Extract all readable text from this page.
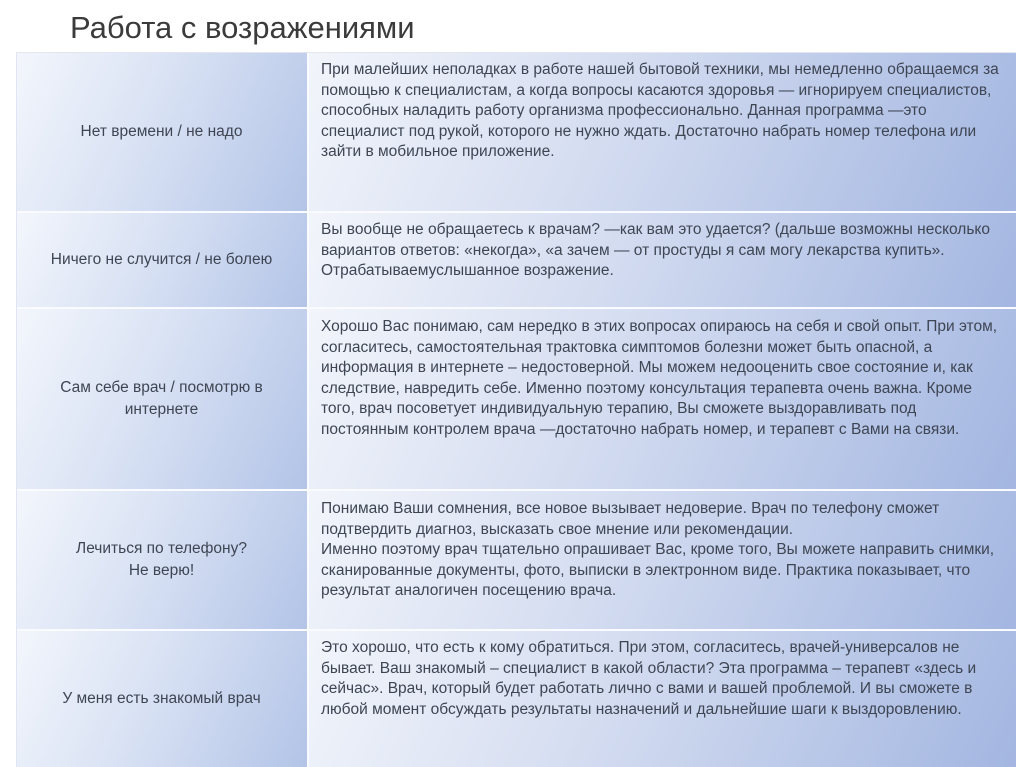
Работа с возражениями
Нет времени / не надо
При малейших неполадках в работе нашей бытовой техники, мы немедленно обращаемся за помощью к специалистам, а когда вопросы касаются здоровья — игнорируем специалистов, способных наладить работу организма профессионально. Данная программа —это специалист под рукой, которого не нужно ждать. Достаточно набрать номер телефона или зайти в мобильное приложение.
Ничего не случится / не болею
Вы вообще не обращаетесь к врачам? —как вам это удается? (дальше возможны несколько вариантов ответов: «некогда», «а зачем — от простуды я сам могу лекарства купить». Отрабатываемуслышанное возражение.
Сам себе врач / посмотрю в интернете
Хорошо Вас понимаю, сам нередко в этих вопросах опираюсь на себя и свой опыт. При этом, согласитесь, самостоятельная трактовка симптомов болезни может быть опасной, а информация в интернете – недостоверной. Мы можем недооценить свое состояние и, как следствие, навредить себе. Именно поэтому консультация терапевта очень важна. Кроме того, врач посоветует индивидуальную терапию, Вы сможете выздоравливать под постоянным контролем врача —достаточно набрать номер, и терапевт с Вами на связи.
Лечиться по телефону?
Не верю!

Понимаю Ваши сомнения, все новое вызывает недоверие. Врач по телефону сможет подтвердить диагноз, высказать свое мнение или рекомендации.

Именно поэтому врач тщательно опрашивает Вас, кроме того, Вы можете направить снимки, сканированные документы, фото, выписки в электронном виде. Практика показывает, что результат аналогичен посещению врача.

У меня есть знакомый врач
Это хорошо, что есть к кому обратиться. При этом, согласитесь, врачей-универсалов не бывает. Ваш знакомый – специалист в какой области? Эта программа – терапевт «здесь и сейчас». Врач, который будет работать лично с вами и вашей проблемой. И вы сможете в любой момент обсуждать результаты назначений и дальнейшие шаги к выздоровлению.
